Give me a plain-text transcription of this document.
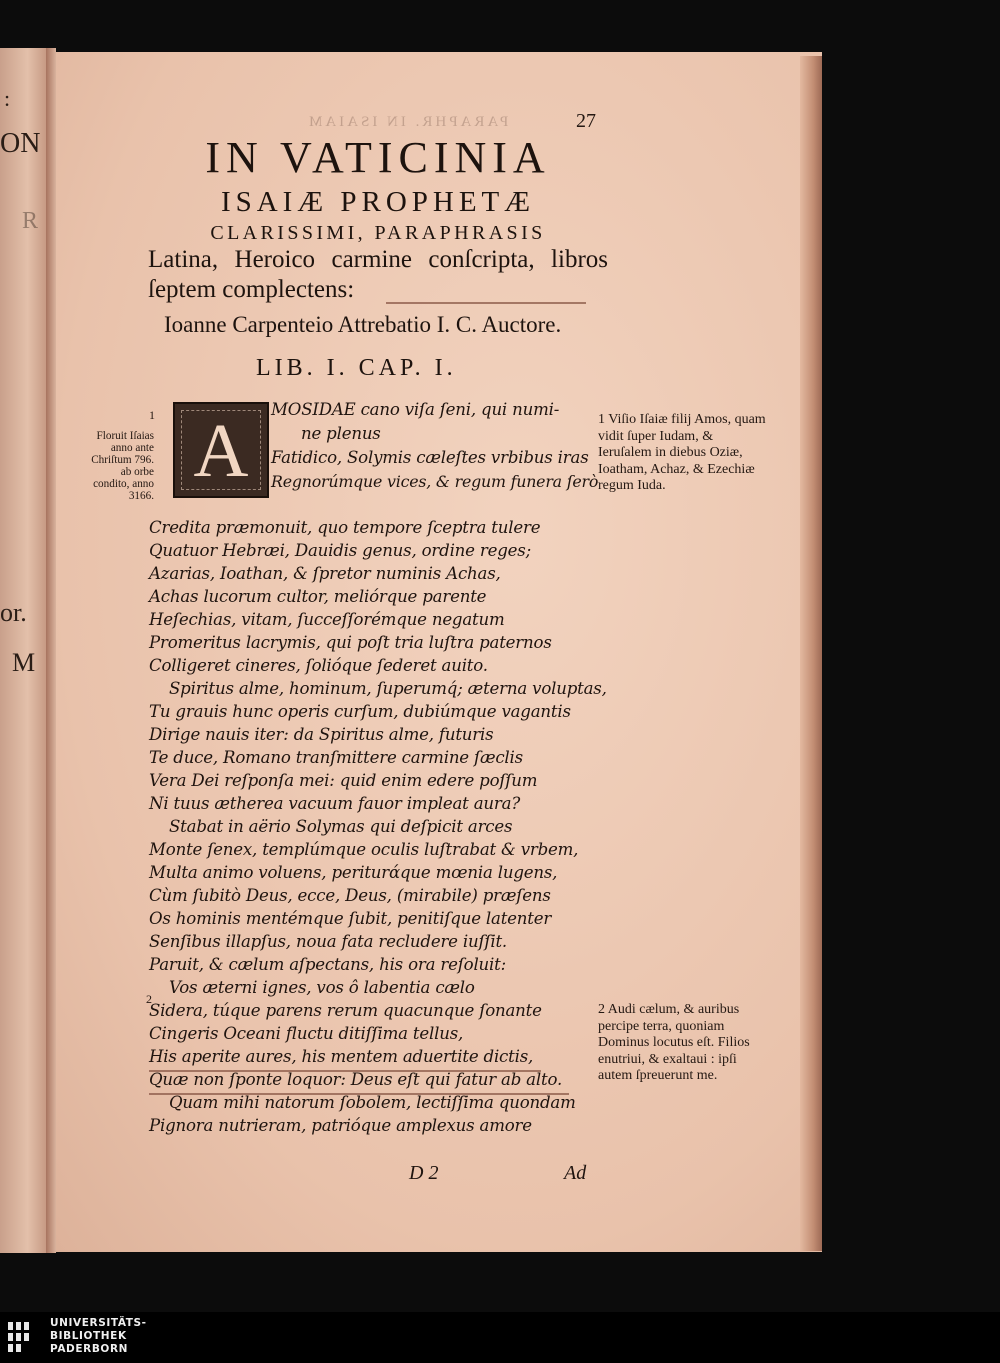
:
ON
R
or.
M
PARAPHR. IN ISAIAM	27
IN VATICINIA
ISAIÆ PROPHETÆ
CLARISSIMI, PARAPHRASIS
Latina, Heroico carmine conſcripta, libros ſeptem complectens:
Ioanne Carpenteio Attrebatio I. C. Auctore.
LIB. I. CAP. I.
1 A
Floruit Iſaias anno ante Chriſtum 796. ab orbe condito, anno 3166.
1 Viſio Iſaiæ filij Amos, quam vidit ſuper Iudam, & Ieruſalem in diebus Oziæ, Ioatham, Achaz, & Ezechiæ regum Iuda.
2 Audi cælum, & auribus percipe terra, quoniam Dominus locutus eſt. Filios enutriui, & exaltaui : ipſi autem ſpreuerunt me.
MOSIDAE cano viſa ſeni, qui numi-
ne plenus
Fatidico, Solymis cæleſtes vrbibus iras
Regnorúmque vices, & regum funera ſerò
Credita præmonuit, quo tempore ſceptra tulere
Quatuor Hebræi, Dauidis genus, ordine reges;
Azarias, Ioathan, & ſpretor numinis Achas,
Achas lucorum cultor, meliórque parente
Heſechias, vitam, ſucceſſorémque negatum
Promeritus lacrymis, qui poſt tria luſtra paternos
Colligeret cineres, ſolióque ſederet auito.
Spiritus alme, hominum, ſuperumq́; æterna voluptas,
Tu grauis hunc operis curſum, dubiúmque vagantis
Dirige nauis iter: da Spiritus alme, futuris
Te duce, Romano tranſmittere carmine ſæclis
Vera Dei reſponſa mei: quid enim edere poſſum
Ni tuus æthereа vacuum fauor impleat aura?
Stabat in aërio Solymas qui deſpicit arces
Monte ſenex, templúmque oculis luſtrabat & vrbem,
Multa animo voluens, periturάque mœnia lugens,
Cùm ſubitò Deus, ecce, Deus, (mirabile) præſens
Os hominis mentémque ſubit, penitiſque latenter
Senſibus illapſus, noua fata recludere iuſſit.
Paruit, & cælum aſpectans, his ora reſoluit:
2
Vos æterni ignes, vos ô labentia cælo
Sidera, túque parens rerum quacunque ſonante
Cingeris Oceani fluctu ditiſſima tellus,
His aperite aures, his mentem aduertite dictis,
Quæ non ſponte loquor: Deus eſt qui fatur ab alto.
Quam mihi natorum ſobolem, lectiſſima quondam
Pignora nutrieram, patrióque amplexus amore
D 2	Ad
UNIVERSITÄTS-
BIBLIOTHEK
PADERBORN
